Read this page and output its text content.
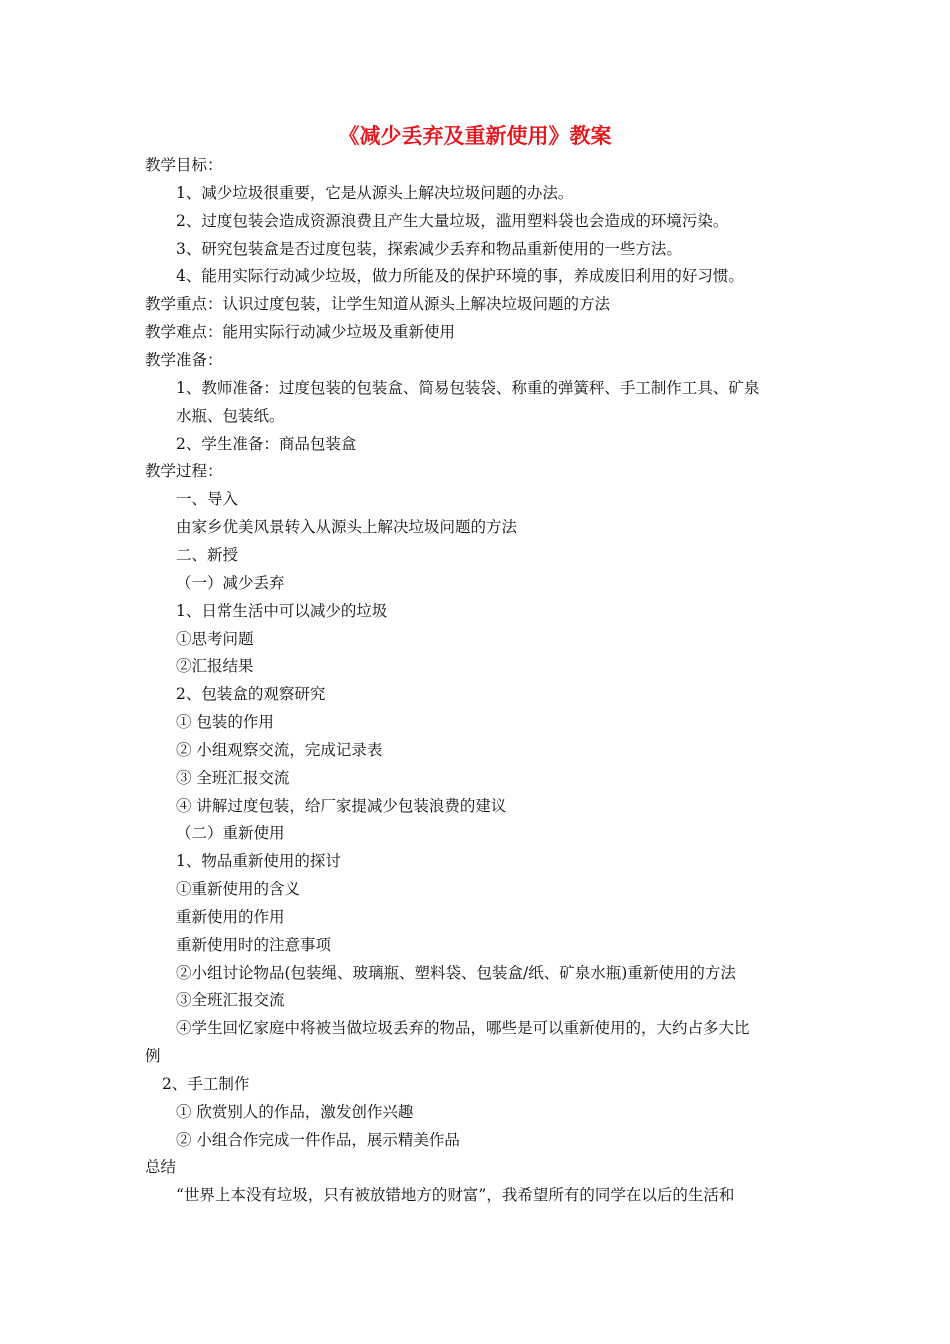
《减少丢弃及重新使用》教案
教学目标：
1、减少垃圾很重要，它是从源头上解决垃圾问题的办法。
2、过度包装会造成资源浪费且产生大量垃圾，滥用塑料袋也会造成的环境污染。
3、研究包装盒是否过度包装，探索减少丢弃和物品重新使用的一些方法。
4、能用实际行动减少垃圾，做力所能及的保护环境的事，养成废旧利用的好习惯。
教学重点：认识过度包装，让学生知道从源头上解决垃圾问题的方法
教学难点：能用实际行动减少垃圾及重新使用
教学准备：
1、教师准备：过度包装的包装盒、简易包装袋、称重的弹簧秤、手工制作工具、矿泉
水瓶、包装纸。
2、学生准备：商品包装盒
教学过程：
一、导入
由家乡优美风景转入从源头上解决垃圾问题的方法
二、新授
（一）减少丢弃
1、日常生活中可以减少的垃圾
①思考问题
②汇报结果
2、包装盒的观察研究
① 包装的作用
② 小组观察交流，完成记录表
③ 全班汇报交流
④ 讲解过度包装，给厂家提减少包装浪费的建议
（二）重新使用
1、物品重新使用的探讨
①重新使用的含义
重新使用的作用
重新使用时的注意事项
②小组讨论物品(包装绳、玻璃瓶、塑料袋、包装盒/纸、矿泉水瓶)重新使用的方法
③全班汇报交流
④学生回忆家庭中将被当做垃圾丢弃的物品，哪些是可以重新使用的，大约占多大比
例
2、手工制作
① 欣赏别人的作品，激发创作兴趣
② 小组合作完成一件作品，展示精美作品
总结
“世界上本没有垃圾，只有被放错地方的财富”，我希望所有的同学在以后的生活和
